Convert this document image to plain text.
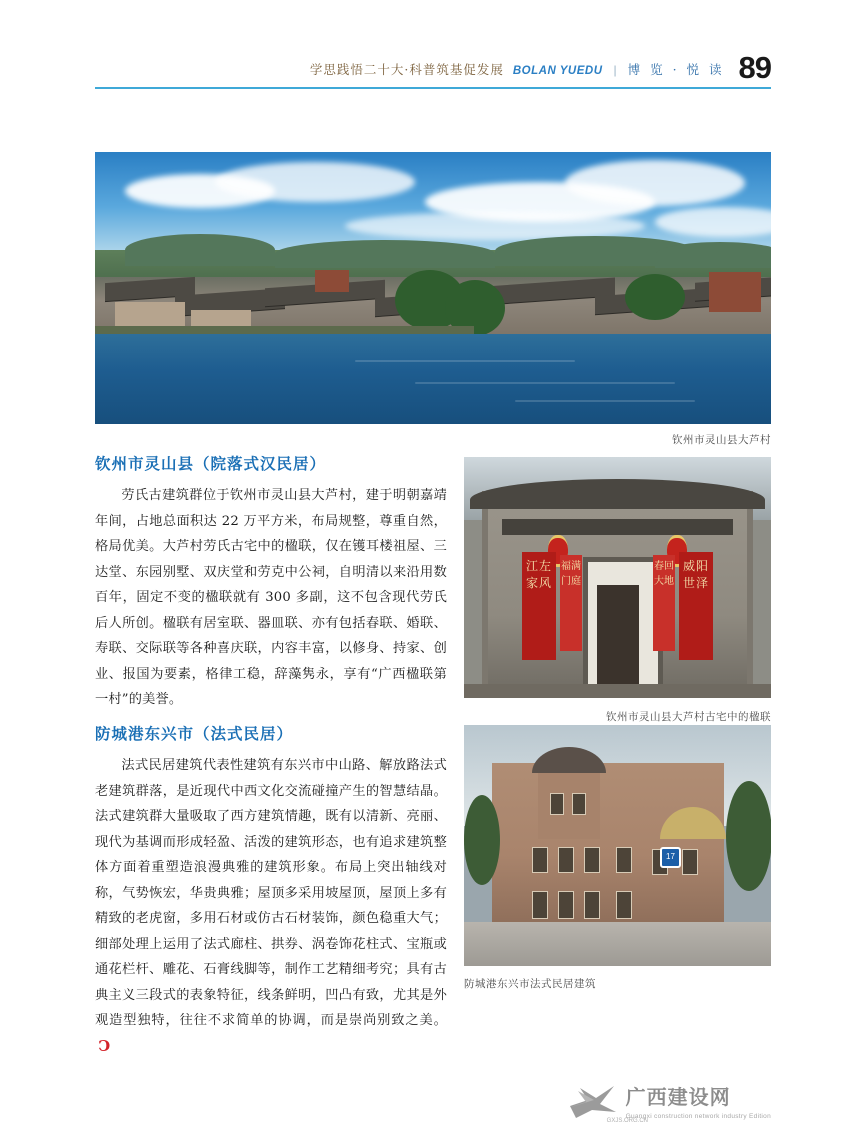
学思践悟二十大·科普筑基促发展 BOLAN YUEDU | 博 览 · 悦 读 89
钦州市灵山县大芦村
钦州市灵山县（院落式汉民居）

劳氏古建筑群位于钦州市灵山县大芦村，建于明朝嘉靖年间，占地总面积达 22 万平方米，布局规整，尊重自然，格局优美。大芦村劳氏古宅中的楹联，仅在镬耳楼祖屋、三达堂、东园别墅、双庆堂和劳克中公祠，自明清以来沿用数百年，固定不变的楹联就有 300 多副，这不包含现代劳氏后人所创。楹联有居室联、器皿联、亦有包括春联、婚联、寿联、交际联等各种喜庆联，内容丰富，以修身、持家、创业、报国为要素，格律工稳，辞藻隽永，享有“广西楹联第一村”的美誉。

防城港东兴市（法式民居）

法式民居建筑代表性建筑有东兴市中山路、解放路法式老建筑群落，是近现代中西文化交流碰撞产生的智慧结晶。法式建筑群大量吸取了西方建筑情趣，既有以清新、亮丽、现代为基调而形成轻盈、活泼的建筑形态，也有追求建筑整体方面着重塑造浪漫典雅的建筑形象。布局上突出轴线对称，气势恢宏，华贵典雅；屋顶多采用坡屋顶，屋顶上多有精致的老虎窗，多用石材或仿古石材装饰，颜色稳重大气；细部处理上运用了法式廊柱、拱券、涡卷饰花柱式、宝瓶或通花栏杆、雕花、石膏线脚等，制作工艺精细考究；具有古典主义三段式的表象特征，线条鲜明，凹凸有致，尤其是外观造型独特，往往不求简单的协调，而是崇尚别致之美。C

江左家风
威阳世泽
福满门庭
春回大地
钦州市灵山县大芦村古宅中的楹联
17
防城港东兴市法式民居建筑
广西建设网
Guangxi construction network industry Edition
GXJS.ORG.CN
